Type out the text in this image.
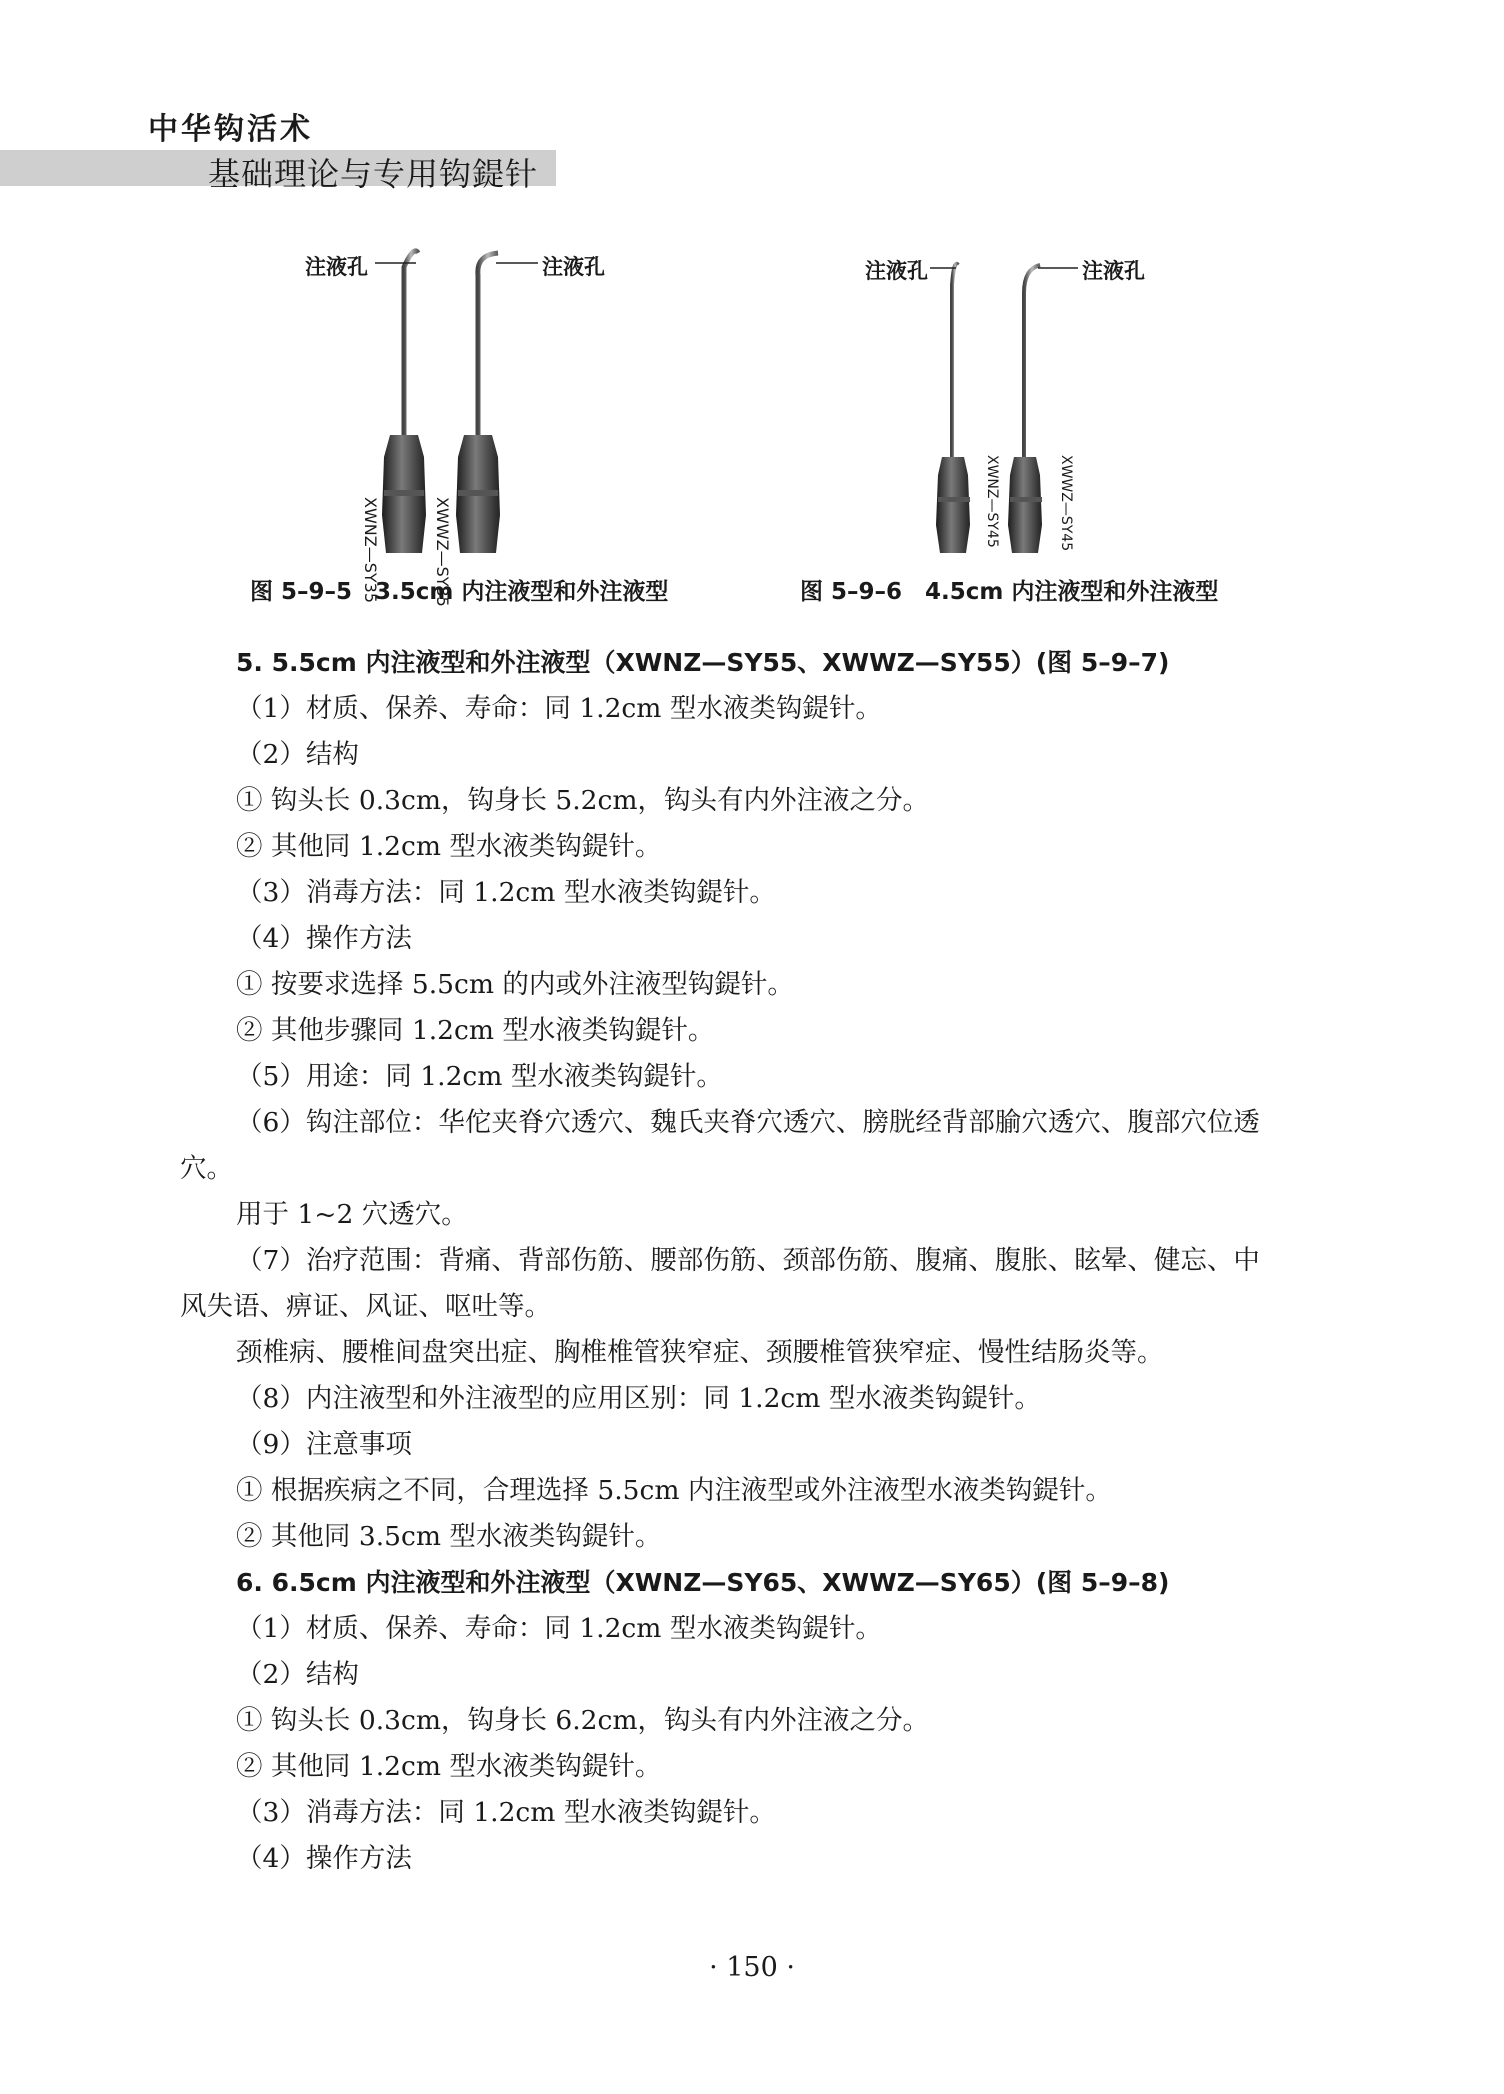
中华钩活术
基础理论与专用钩鍉针
注液孔	注液孔
XWNZ—SY35	XWWZ—SY35
图 5–9–5　3.5cm 内注液型和外注液型
注液孔	注液孔
XWNZ—SY45	XWWZ—SY45
图 5–9–6　4.5cm 内注液型和外注液型

5. 5.5cm 内注液型和外注液型（XWNZ—SY55、XWWZ—SY55）(图 5–9–7)

（1）材质、保养、寿命：同 1.2cm 型水液类钩鍉针。

（2）结构

① 钩头长 0.3cm，钩身长 5.2cm，钩头有内外注液之分。

② 其他同 1.2cm 型水液类钩鍉针。

（3）消毒方法：同 1.2cm 型水液类钩鍉针。

（4）操作方法

① 按要求选择 5.5cm 的内或外注液型钩鍉针。

② 其他步骤同 1.2cm 型水液类钩鍉针。

（5）用途：同 1.2cm 型水液类钩鍉针。

（6）钩注部位：华佗夹脊穴透穴、魏氏夹脊穴透穴、膀胱经背部腧穴透穴、腹部穴位透穴。

用于 1~2 穴透穴。

（7）治疗范围：背痛、背部伤筋、腰部伤筋、颈部伤筋、腹痛、腹胀、眩晕、健忘、中风失语、痹证、风证、呕吐等。

颈椎病、腰椎间盘突出症、胸椎椎管狭窄症、颈腰椎管狭窄症、慢性结肠炎等。

（8）内注液型和外注液型的应用区别：同 1.2cm 型水液类钩鍉针。

（9）注意事项

① 根据疾病之不同，合理选择 5.5cm 内注液型或外注液型水液类钩鍉针。

② 其他同 3.5cm 型水液类钩鍉针。

6. 6.5cm 内注液型和外注液型（XWNZ—SY65、XWWZ—SY65）(图 5–9–8)

（1）材质、保养、寿命：同 1.2cm 型水液类钩鍉针。

（2）结构

① 钩头长 0.3cm，钩身长 6.2cm，钩头有内外注液之分。

② 其他同 1.2cm 型水液类钩鍉针。

（3）消毒方法：同 1.2cm 型水液类钩鍉针。

（4）操作方法

· 150 ·
